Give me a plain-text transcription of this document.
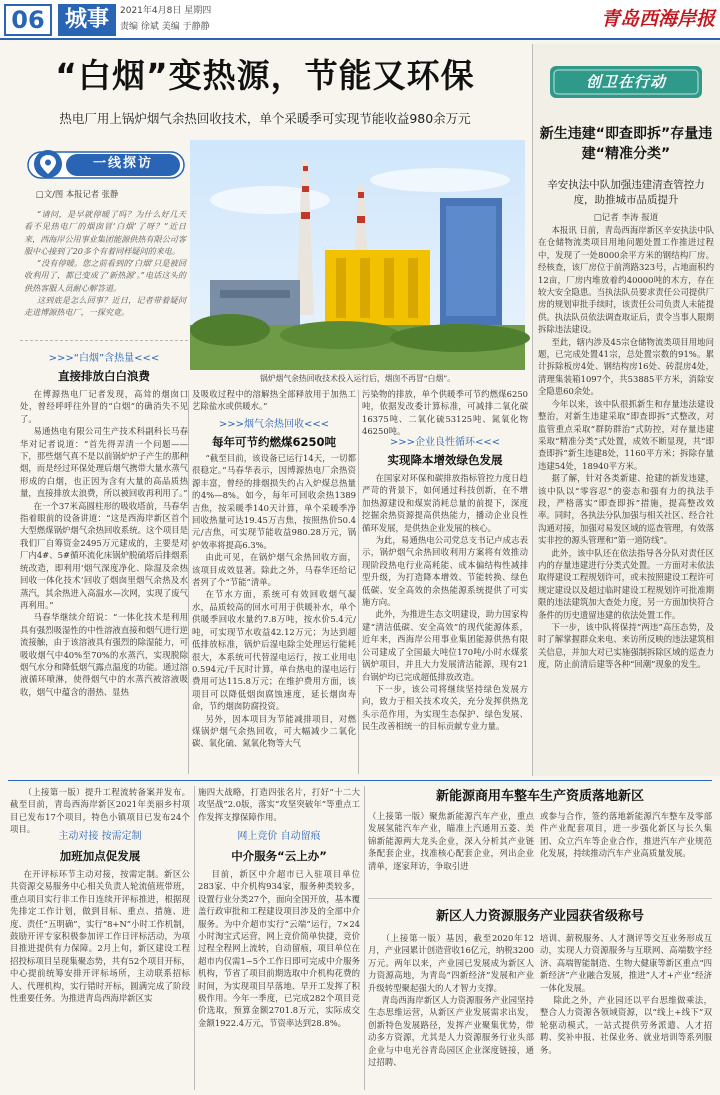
06 城事	2021年4月8日 星期四
责编 徐斌 美编 于静静	青岛西海岸报
“白烟”变热源，节能又环保
热电厂用上锅炉烟气余热回收技术，单个采暖季可实现节能收益980余万元
一线探访
□文/图 本报记者 张静

“请问，是早就停暖了吗？为什么好几天看不见热电厂的烟囱冒‘白烟’了呀？”近日来，西海岸公用事业集团能源供热有限公司客服中心接到了20多个有着同样疑问的来电。

“没有停暖。您之前看到的‘白烟’只是被回收利用了，都已变成了‘新热源’。”电话这头的供热客服人员耐心解答道。

这到底是怎么回事？近日，记者带着疑问走进博源热电厂，一探究竟。

锅炉烟气余热回收技术投入运行后，烟囱不再冒“白烟”。
>>>“白烟”含热量<<<
直接排放白白浪费

在博源热电厂记者发现，高耸的烟囱口处，曾经呼呼往外冒的“白烟”的确消失不见了。

易通热电有限公司生产技术科副科长马春华对记者说道：“首先得弄清一个问题——下，那些烟气真不是以前锅炉炉子产生的那种烟，而是经过环保处理后烟气携带大量水蒸气形成的白烟，也正因为含有大量的高品质热量，直接排放太浪费，所以被回收再利用了。”

在一个37米高圆柱形的吸收塔前，马春华指着眼前的设备讲道：“这是西海岸新区首个大型燃煤锅炉烟气余热回收系统。这个项目是我们厂自筹资金2495万元建成的，主要是对厂内4#、5#循环流化床锅炉脱硫塔后排烟系统改造，即利用‘烟气深度净化、除湿及余热回收一体化技术’回收了烟囱里烟气余热及水蒸汽，其余热进入高温水—次网，实现了废气再利用。”

马春华继续介绍说：“一体化技术是利用具有强烈吸湿性的中性溶液直接和烟气进行逆流接触，由于该溶液具有强烈的除湿能力，可吸收烟气中40%至70%的水蒸汽，实现脱除烟气水分和降低烟气露点温度的功能。通过溶液循环喷淋，使得烟气中的水蒸汽被溶液吸收，烟气中蕴含的潜热、显热

及吸收过程中的溶解热全部释放用于加热工艺除盐水或供暖水。”

>>>烟气余热回收<<<
每年可节约燃煤6250吨

“截至目前，该设备已运行14天，一切都很稳定。”马春华表示，因博源热电厂余热资源丰富，曾经的排烟损失约占入炉煤总热量的4%—8%。如今，每年可回收余热1389吉焦，按采暖季140天计算，单个采暖季净回收热量可达19.45万吉焦，按照热价50.4元/吉焦，可实现节能收益980.28万元，锅炉效率将提高6.3%。

由此可见，在锅炉烟气余热回收方面，该项目成效显著。除此之外，马春华还给记者列了个“节能”清单。

在节水方面，系统可有效回收烟气凝水，品质较高的回水可用于供暖补水，单个供暖季回收水量约7.8万吨，按水价5.4元/吨，可实现节水收益42.12万元；为达到超低排放标准，锅炉后湿电除尘处理运行能耗很大，本系统可代替湿电运行，按工业用电0.594元/千瓦时计算，单台热电的湿电运行费用可达115.8万元；在维护费用方面，该项目可以降低烟囱腐蚀速度，延长烟囱寿命，节约烟囱防腐投资。

另外，因本项目为节能减排项目，对燃煤锅炉烟气余热回收，可大幅减少二氧化碳、氧化硫、氮氧化物等大气

污染物的排放，单个供暖季可节约燃煤6250吨，依据发改委计算标准，可减排二氧化碳16375吨、二氧化硫53125吨、氮氧化物46250吨。

>>>企业良性循环<<<
实现降本增效绿色发展

在国家对环保和碳排放指标管控力度日趋严苛的背景下，如何通过科技创新，在不增加热源建设和煤炭消耗总量的前提下，深度挖掘余热资源提高供热能力，播动企业良性循环发展，是供热企业发展的核心。

为此，易通热电公司党总支书记卢成志表示，锅炉烟气余热回收利用方案将有效推动现阶段热电行业高耗能、成本偏结构性减排型升级，为打造降本增效、节能转换、绿色低碳、安全高效的余热能源系统提供了可实施方向。

此外，为推进生态文明建设，助力国家构建“清洁低碳、安全高效”的现代能源体系，近年来，西海岸公用事业集团能源供热有限公司建成了全国最大吨位170吨/小时水煤浆锅炉项目，并且大力发展清洁能源，现有21台锅炉均已完成超低排放改造。

下一步，该公司将继续坚持绿色发展方向，致力于相关技术攻关，充分发挥供热龙头示范作用，为实现生态保护、绿色发展、民生改善相统一的目标贡献专业力量。

创卫在行动
新生违建“即查即拆”存量违建“精准分类”
辛安执法中队加强违建清查管控力度，助推城市品质提升
□记者 李涛 报道

本报讯 日前，青岛西海岸新区辛安执法中队在仓储物流类项目用地问题处置工作推进过程中，发现了一处8000余平方米的钢结构厂房。经核查，该厂房位于前湾路323号，占地面积约12亩，厂房内堆放着约40000吨的木方，存在较大安全隐患。当执法队员要求责任公司提供厂房的规划审批手续时，该责任公司负责人未能提供。执法队员依法调查取证后，责令当事人限期拆除违法建设。

至此，辖内涉及45宗仓储物流类项目用地问题，已完成处置41宗，总处置宗数的91%。累计拆除板房4处、钢结构房16处、砖混房4处，清理集装箱1097个，共53885平方米，消除安全隐患60余处。

今年以来，该中队很抓新生和存量违法建设整治，对新生违建采取“即查即拆”式整改，对监管重点采取“群防群治”式防控，对存量违建采取“精准分类”式处置，成效不断显现，共“即查即拆”新生违建8处，1160平方米；拆除存量违建54处，18940平方米。

据了解，针对各类新建、抢建的新发违建，该中队以“零容忍”的姿态和强有力的执法手段，严格落实“即查即拆”措施，提高整改效率。同时，各执法分队加强与相关社区、经合社沟通对接，加强对易发区域的巡查管理，有效落实非控的源头管理和“第一道防线”。

此外，该中队还在依法指导各分队对责任区内的存量违建进行分类式处置。一方面对未依法取得建设工程规划许可，或未按照建设工程许可规定建设以及超过临时建设工程规划许可批准期限的违法建筑加大查处力度，另一方面加快符合条件的历史遗留违建的依法处置工作。

下一步，该中队将保持“两违”高压态势，及时了解掌握群众来电、来访所反映的违法建筑相关信息，并加大对已实施强制拆除区域的巡查力度，防止前清后建等各种“回潮”现象的发生。

（上接第一版）提升工程流转备案并发布。截至目前，青岛西海岸新区2021年美丽乡村项目已发布17个项目，特色小镇项目已发布24个项目。

主动对接 按需定制
加班加点促发展

在开评标环节主动对接，按需定制。新区公共资源交易服务中心相关负责人轮流值班带班，重点项目实行非工作日连续开评标推进，根据现先排定工作计划，做到目标、重点、措施、进度、责任“五明确”，实行“8+N”小时工作机制，鼓励开评专家积极参加评工作日评标活动，为项目推进提供有力保障。2月上旬，新区建设工程招投标项目呈现集聚态势，共有52个项目开标，中心提前统筹安排开评标场所，主动联系招标人、代理机构，实行错时开标，圆满完成了阶段性重要任务。为推进青岛西海岸新区实

施四大战略，打造四张名片，打好“十二大攻坚战”2.0版，落实“攻坚突破年”等重点工作发挥支撑保障作用。

网上竞价 自动留痕
中介服务“云上办”

目前，新区中介超市已入驻项目单位283家、中介机构934家，服务种类较多，设置行业分类27个，面向全国开放，基本覆盖行政审批和工程建设项目涉及的全部中介服务。为中介超市实行“云端”运行，7×24小时淘宝式运营，网上竞价简单快捷，竞价过程全程网上流转，自动留痕，项目单位在超市内仅需1~5个工作日即可完成中介服务机构，节省了项目前期选取中介机构花费的时间，为实现项目早落地、早开工发挥了积极作用。今年一季度，已完成282个项目竞价选取，预算金额2701.8万元，实际成交金额1922.4万元，节资率达到28.8%。

新能源商用车整车生产资质落地新区

（上接第一版）聚焦新能源汽车产业，重点发展氢能汽车产业，瞄准上汽通用五菱、美锦新能源两大龙头企业，深入分析其产业链条配套企业，找准核心配套企业，列出企业清单，逐家拜访，争取引进

或参与合作，签约落地新能源汽车整车及零部件产业配套项目，进一步强化新区与长久集团、众立汽车等企业合作，推进汽车产业规范化发展，持续推动汽车产业高质量发展。

新区人力资源服务产业园获省级称号

（上接第一版）基因，截至2020年12月，产业园累计创造营收16亿元，纳税3200万元。两年以来，产业园已发展成为新区人力资源高地，为青岛“四新经济”发展和产业升级转型聚起强大的人才智力支撑。

青岛西海岸新区人力资源服务产业园坚持生态思维运营，从新区产业发展需求出发，创新特色发展路径，发挥产业聚集优势，带动多方资源，尤其是人力资源服务行业头部企业与中电光谷青岛园区企业深度链接，通过招聘、

培训、薪税服务、人才测评等交互业务形成互动，实现人力资源服务与互联网、高端数字经济、高端智能制造、生物大健康等新区重点“四新经济”产业融合发展，推进“人才+产业”经济一体化发展。

除此之外，产业园还以平台思维做乘法，整合人力资源各领域资源，以“线上+线下”双轮驱动模式，一站式提供劳务派遣、人才招聘、奖补申报、社保业务、就业培训等系列服务。
